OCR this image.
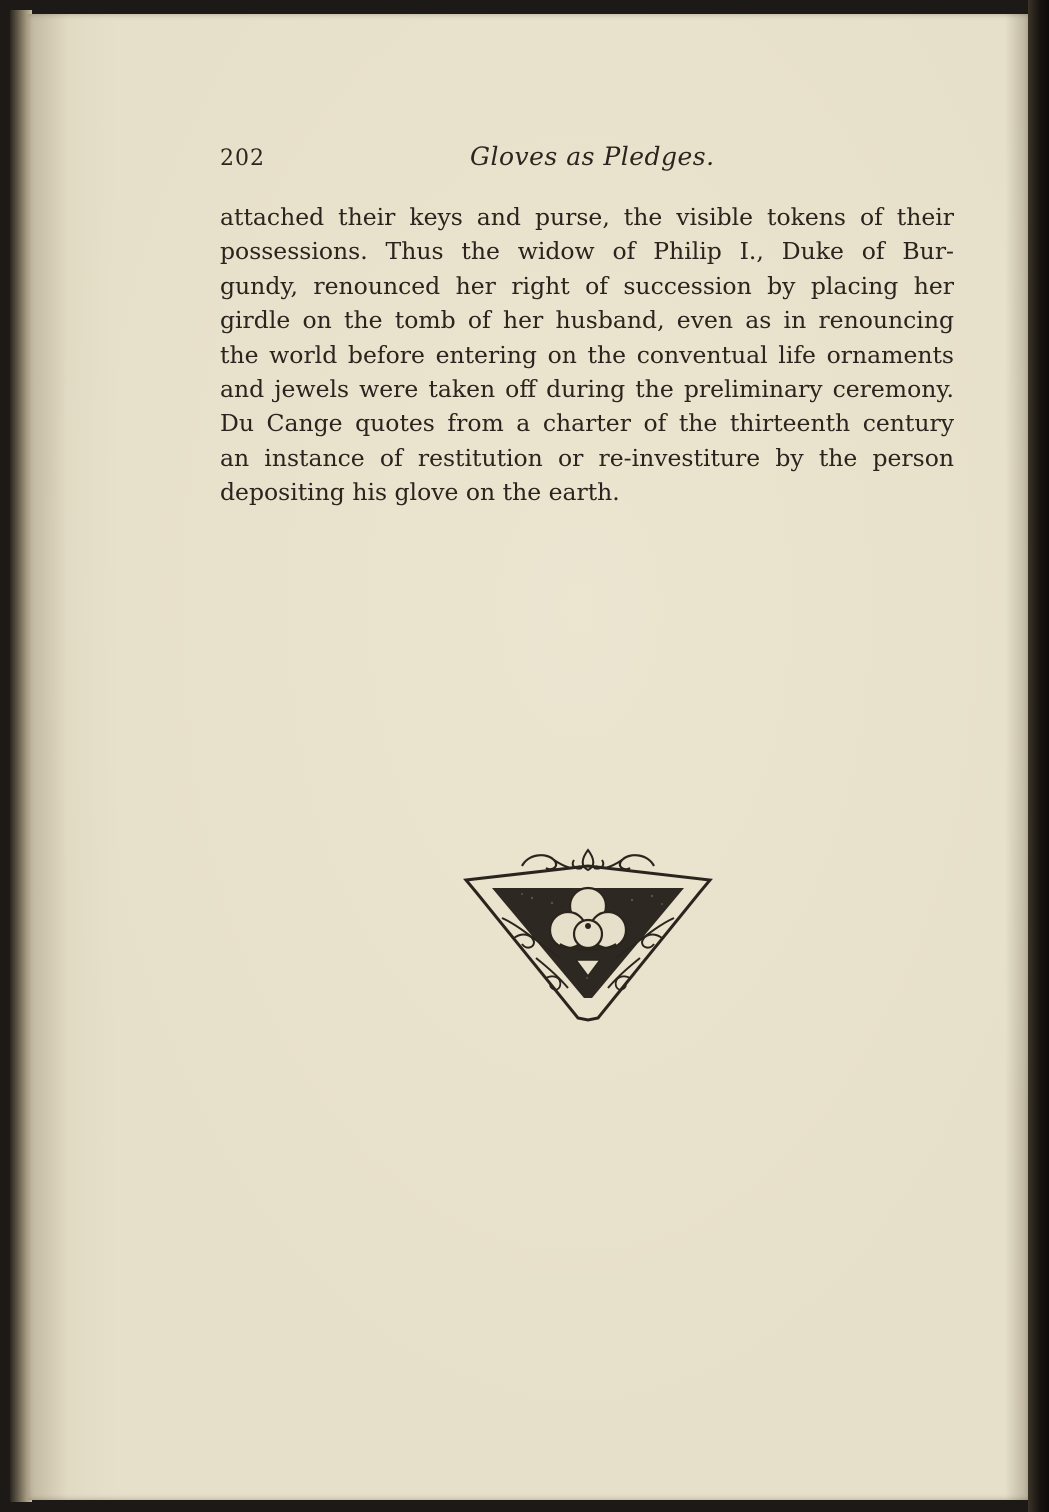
202	Gloves as Pledges.
attached their keys and purse, the visible tokens of their
possessions. Thus the widow of Philip I., Duke of Bur-
gundy, renounced her right of succession by placing her
girdle on the tomb of her husband, even as in renouncing
the world before entering on the conventual life ornaments
and jewels were taken off during the preliminary ceremony.
Du Cange quotes from a charter of the thirteenth century
an instance of restitution or re-investiture by the person
depositing his glove on the earth.
